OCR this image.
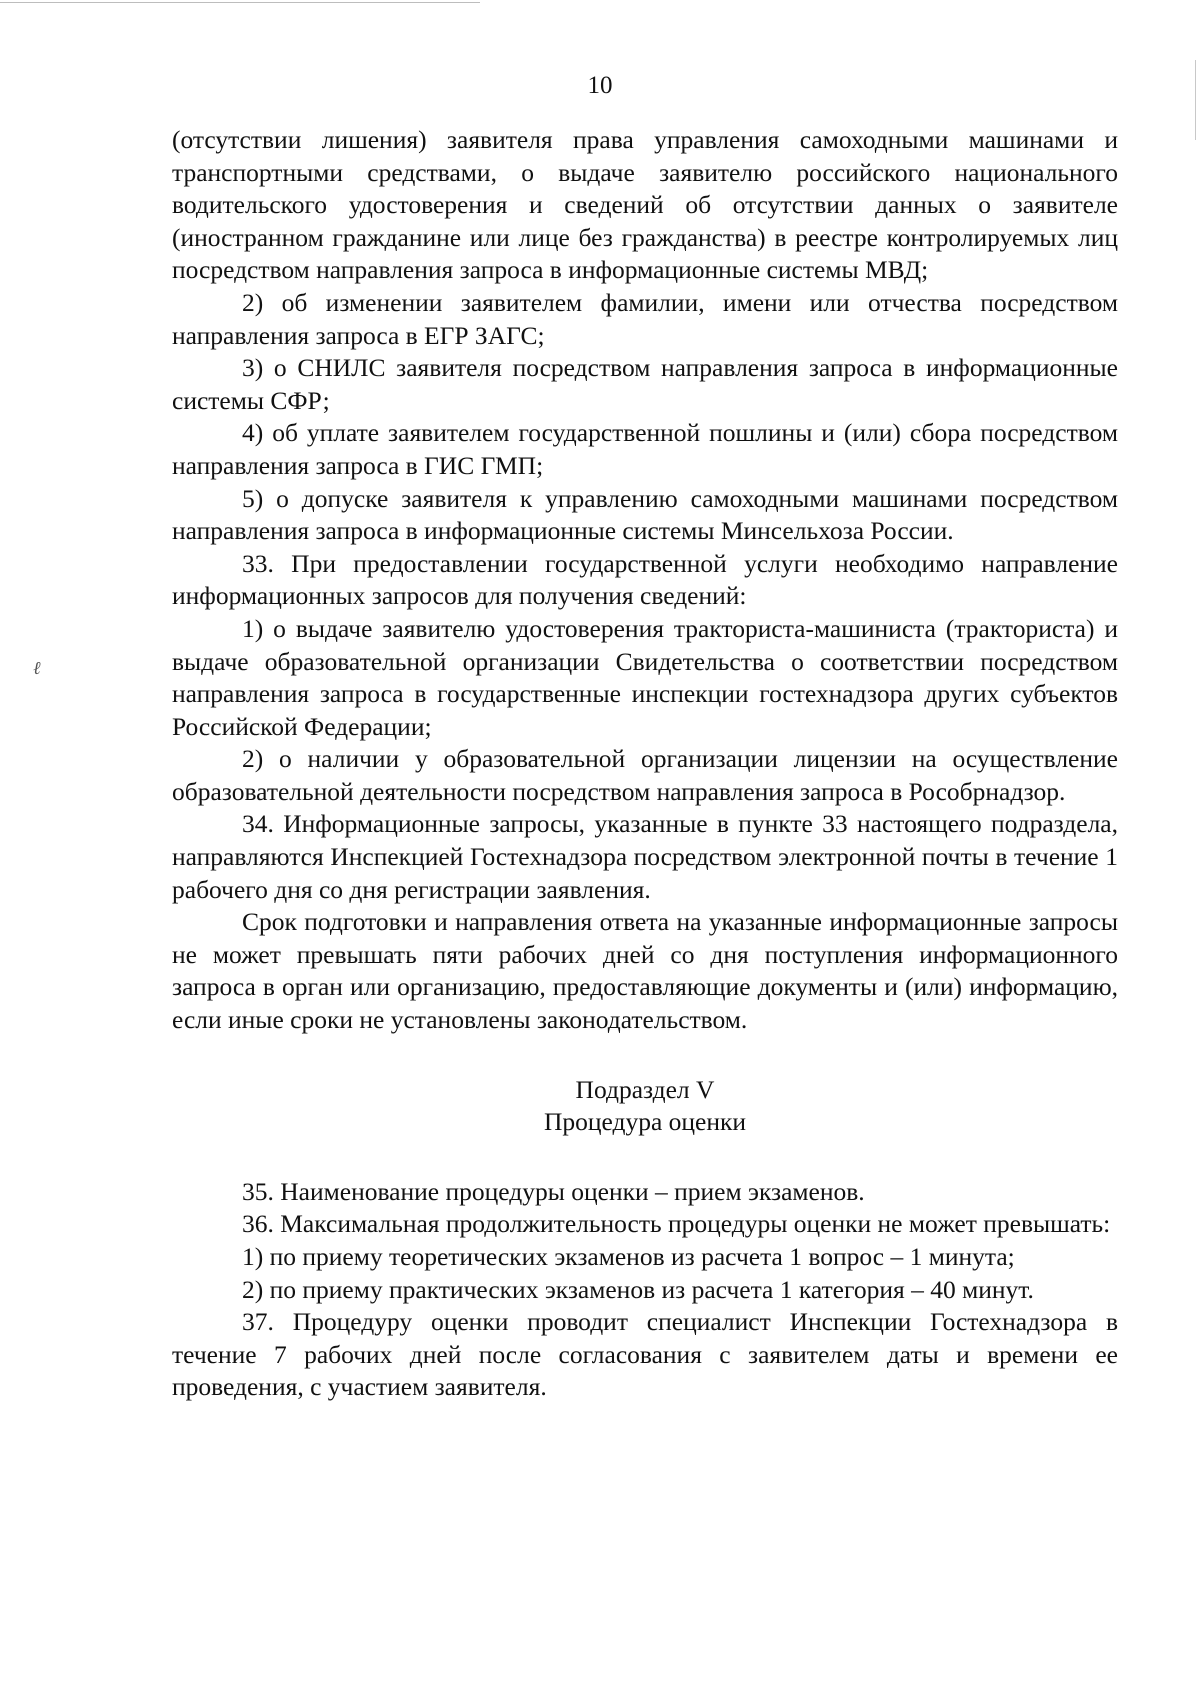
10
ℓ

(отсутствии лишения) заявителя права управления самоходными машинами и транспортными средствами, о выдаче заявителю российского национального водительского удостоверения и сведений об отсутствии данных о заявителе (иностранном гражданине или лице без гражданства) в реестре контролируемых лиц посредством направления запроса в информационные системы МВД;

2) об изменении заявителем фамилии, имени или отчества посредством направления запроса в ЕГР ЗАГС;

3) о СНИЛС заявителя посредством направления запроса в информационные системы СФР;

4) об уплате заявителем государственной пошлины и (или) сбора посредством направления запроса в ГИС ГМП;

5) о допуске заявителя к управлению самоходными машинами посредством направления запроса в информационные системы Минсельхоза России.

33. При предоставлении государственной услуги необходимо направление информационных запросов для получения сведений:

1) о выдаче заявителю удостоверения тракториста-машиниста (тракториста) и выдаче образовательной организации Свидетельства о соответствии посредством направления запроса в государственные инспекции гостехнадзора других субъектов Российской Федерации;

2) о наличии у образовательной организации лицензии на осуществление образовательной деятельности посредством направления запроса в Рособрнадзор.

34. Информационные запросы, указанные в пункте 33 настоящего подраздела, направляются Инспекцией Гостехнадзора посредством электронной почты в течение 1 рабочего дня со дня регистрации заявления.

Срок подготовки и направления ответа на указанные информационные запросы не может превышать пяти рабочих дней со дня поступления информационного запроса в орган или организацию, предоставляющие документы и (или) информацию, если иные сроки не установлены законодательством.

Подраздел V

Процедура оценки

35. Наименование процедуры оценки – прием экзаменов.

36. Максимальная продолжительность процедуры оценки не может превышать:

1) по приему теоретических экзаменов из расчета 1 вопрос – 1 минута;

2) по приему практических экзаменов из расчета 1 категория – 40 минут.

37. Процедуру оценки проводит специалист Инспекции Гостехнадзора в течение 7 рабочих дней после согласования с заявителем даты и времени ее проведения, с участием заявителя.
